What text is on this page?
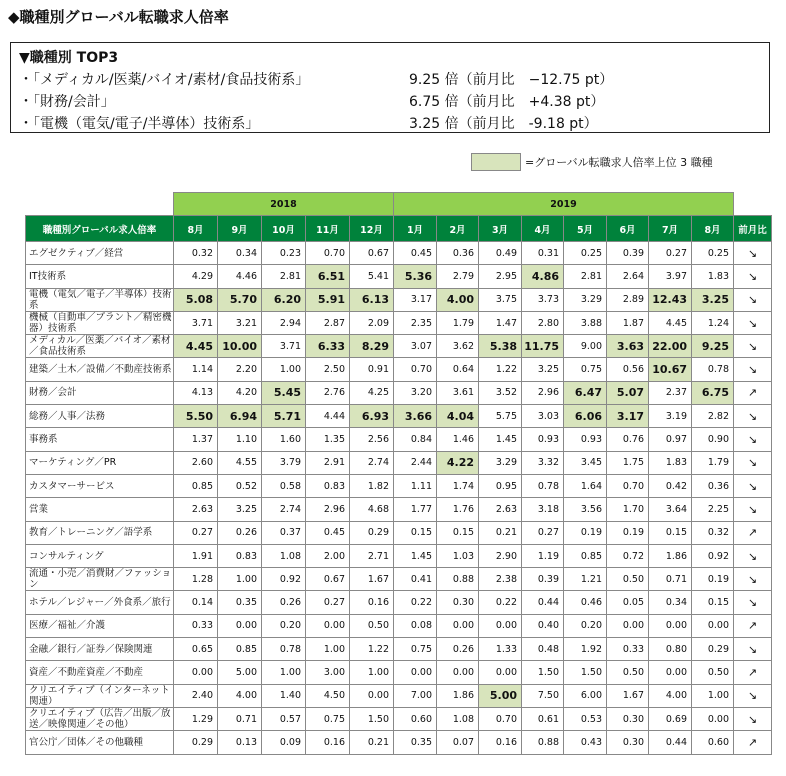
◆職種別グローバル転職求人倍率
▼職種別 TOP3
・「メディカル/医薬/バイオ/素材/食品技術系」	9.25 倍（前月比　−12.75 pt）
・「財務/会計」	6.75 倍（前月比　+4.38 pt）
・「電機（電気/電子/半導体）技術系」	3.25 倍（前月比　-9.18 pt）
=グローバル転職求人倍率上位 3 職種
	2018					2019								
職種別グローバル求人倍率	8月	9月	10月	11月	12月	1月	2月	3月	4月	5月	6月	7月	8月	前月比
エグゼクティブ／経営	0.32	0.34	0.23	0.70	0.67	0.45	0.36	0.49	0.31	0.25	0.39	0.27	0.25	↘
IT技術系	4.29	4.46	2.81	6.51	5.41	5.36	2.79	2.95	4.86	2.81	2.64	3.97	1.83	↘
電機（電気／電子／半導体）技術系	5.08	5.70	6.20	5.91	6.13	3.17	4.00	3.75	3.73	3.29	2.89	12.43	3.25	↘
機械（自動車／プラント／精密機器）技術系	3.71	3.21	2.94	2.87	2.09	2.35	1.79	1.47	2.80	3.88	1.87	4.45	1.24	↘
メディカル／医薬／バイオ／素材／食品技術系	4.45	10.00	3.71	6.33	8.29	3.07	3.62	5.38	11.75	9.00	3.63	22.00	9.25	↘
建築／土木／設備／不動産技術系	1.14	2.20	1.00	2.50	0.91	0.70	0.64	1.22	3.25	0.75	0.56	10.67	0.78	↘
財務／会計	4.13	4.20	5.45	2.76	4.25	3.20	3.61	3.52	2.96	6.47	5.07	2.37	6.75	↗
総務／人事／法務	5.50	6.94	5.71	4.44	6.93	3.66	4.04	5.75	3.03	6.06	3.17	3.19	2.82	↘
事務系	1.37	1.10	1.60	1.35	2.56	0.84	1.46	1.45	0.93	0.93	0.76	0.97	0.90	↘
マーケティング／PR	2.60	4.55	3.79	2.91	2.74	2.44	4.22	3.29	3.32	3.45	1.75	1.83	1.79	↘
カスタマーサービス	0.85	0.52	0.58	0.83	1.82	1.11	1.74	0.95	0.78	1.64	0.70	0.42	0.36	↘
営業	2.63	3.25	2.74	2.96	4.68	1.77	1.76	2.63	3.18	3.56	1.70	3.64	2.25	↘
教育／トレーニング／語学系	0.27	0.26	0.37	0.45	0.29	0.15	0.15	0.21	0.27	0.19	0.19	0.15	0.32	↗
コンサルティング	1.91	0.83	1.08	2.00	2.71	1.45	1.03	2.90	1.19	0.85	0.72	1.86	0.92	↘
流通・小売／消費財／ファッション	1.28	1.00	0.92	0.67	1.67	0.41	0.88	2.38	0.39	1.21	0.50	0.71	0.19	↘
ホテル／レジャー／外食系／旅行	0.14	0.35	0.26	0.27	0.16	0.22	0.30	0.22	0.44	0.46	0.05	0.34	0.15	↘
医療／福祉／介護	0.33	0.00	0.20	0.00	0.50	0.08	0.00	0.00	0.40	0.20	0.00	0.00	0.00	↗
金融／銀行／証券／保険関連	0.65	0.85	0.78	1.00	1.22	0.75	0.26	1.33	0.48	1.92	0.33	0.80	0.29	↘
資産／不動産資産／不動産	0.00	5.00	1.00	3.00	1.00	0.00	0.00	0.00	1.50	1.50	0.50	0.00	0.50	↗
クリエイティブ（インターネット関連）	2.40	4.00	1.40	4.50	0.00	7.00	1.86	5.00	7.50	6.00	1.67	4.00	1.00	↘
クリエイティブ（広告／出版／放送／映像関連／その他）	1.29	0.71	0.57	0.75	1.50	0.60	1.08	0.70	0.61	0.53	0.30	0.69	0.00	↘
官公庁／団体／その他職種	0.29	0.13	0.09	0.16	0.21	0.35	0.07	0.16	0.88	0.43	0.30	0.44	0.60	↗
